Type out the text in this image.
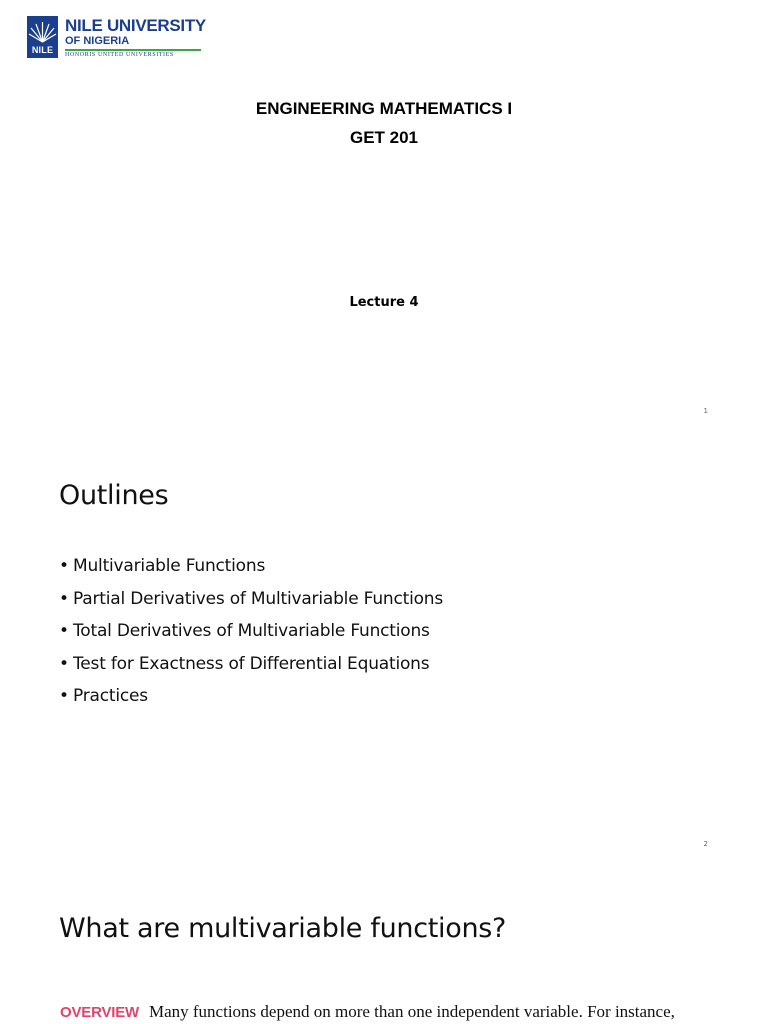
NILE
NILE UNIVERSITY
OF NIGERIA
HONORIS UNITED UNIVERSITIES
ENGINEERING MATHEMATICS I
GET 201
Lecture 4
1
Outlines
• Multivariable Functions
• Partial Derivatives of Multivariable Functions
• Total Derivatives of Multivariable Functions
• Test for Exactness of Differential Equations
• Practices
2
What are multivariable functions?
OVERVIEW Many functions depend on more than one independent variable. For instance,
